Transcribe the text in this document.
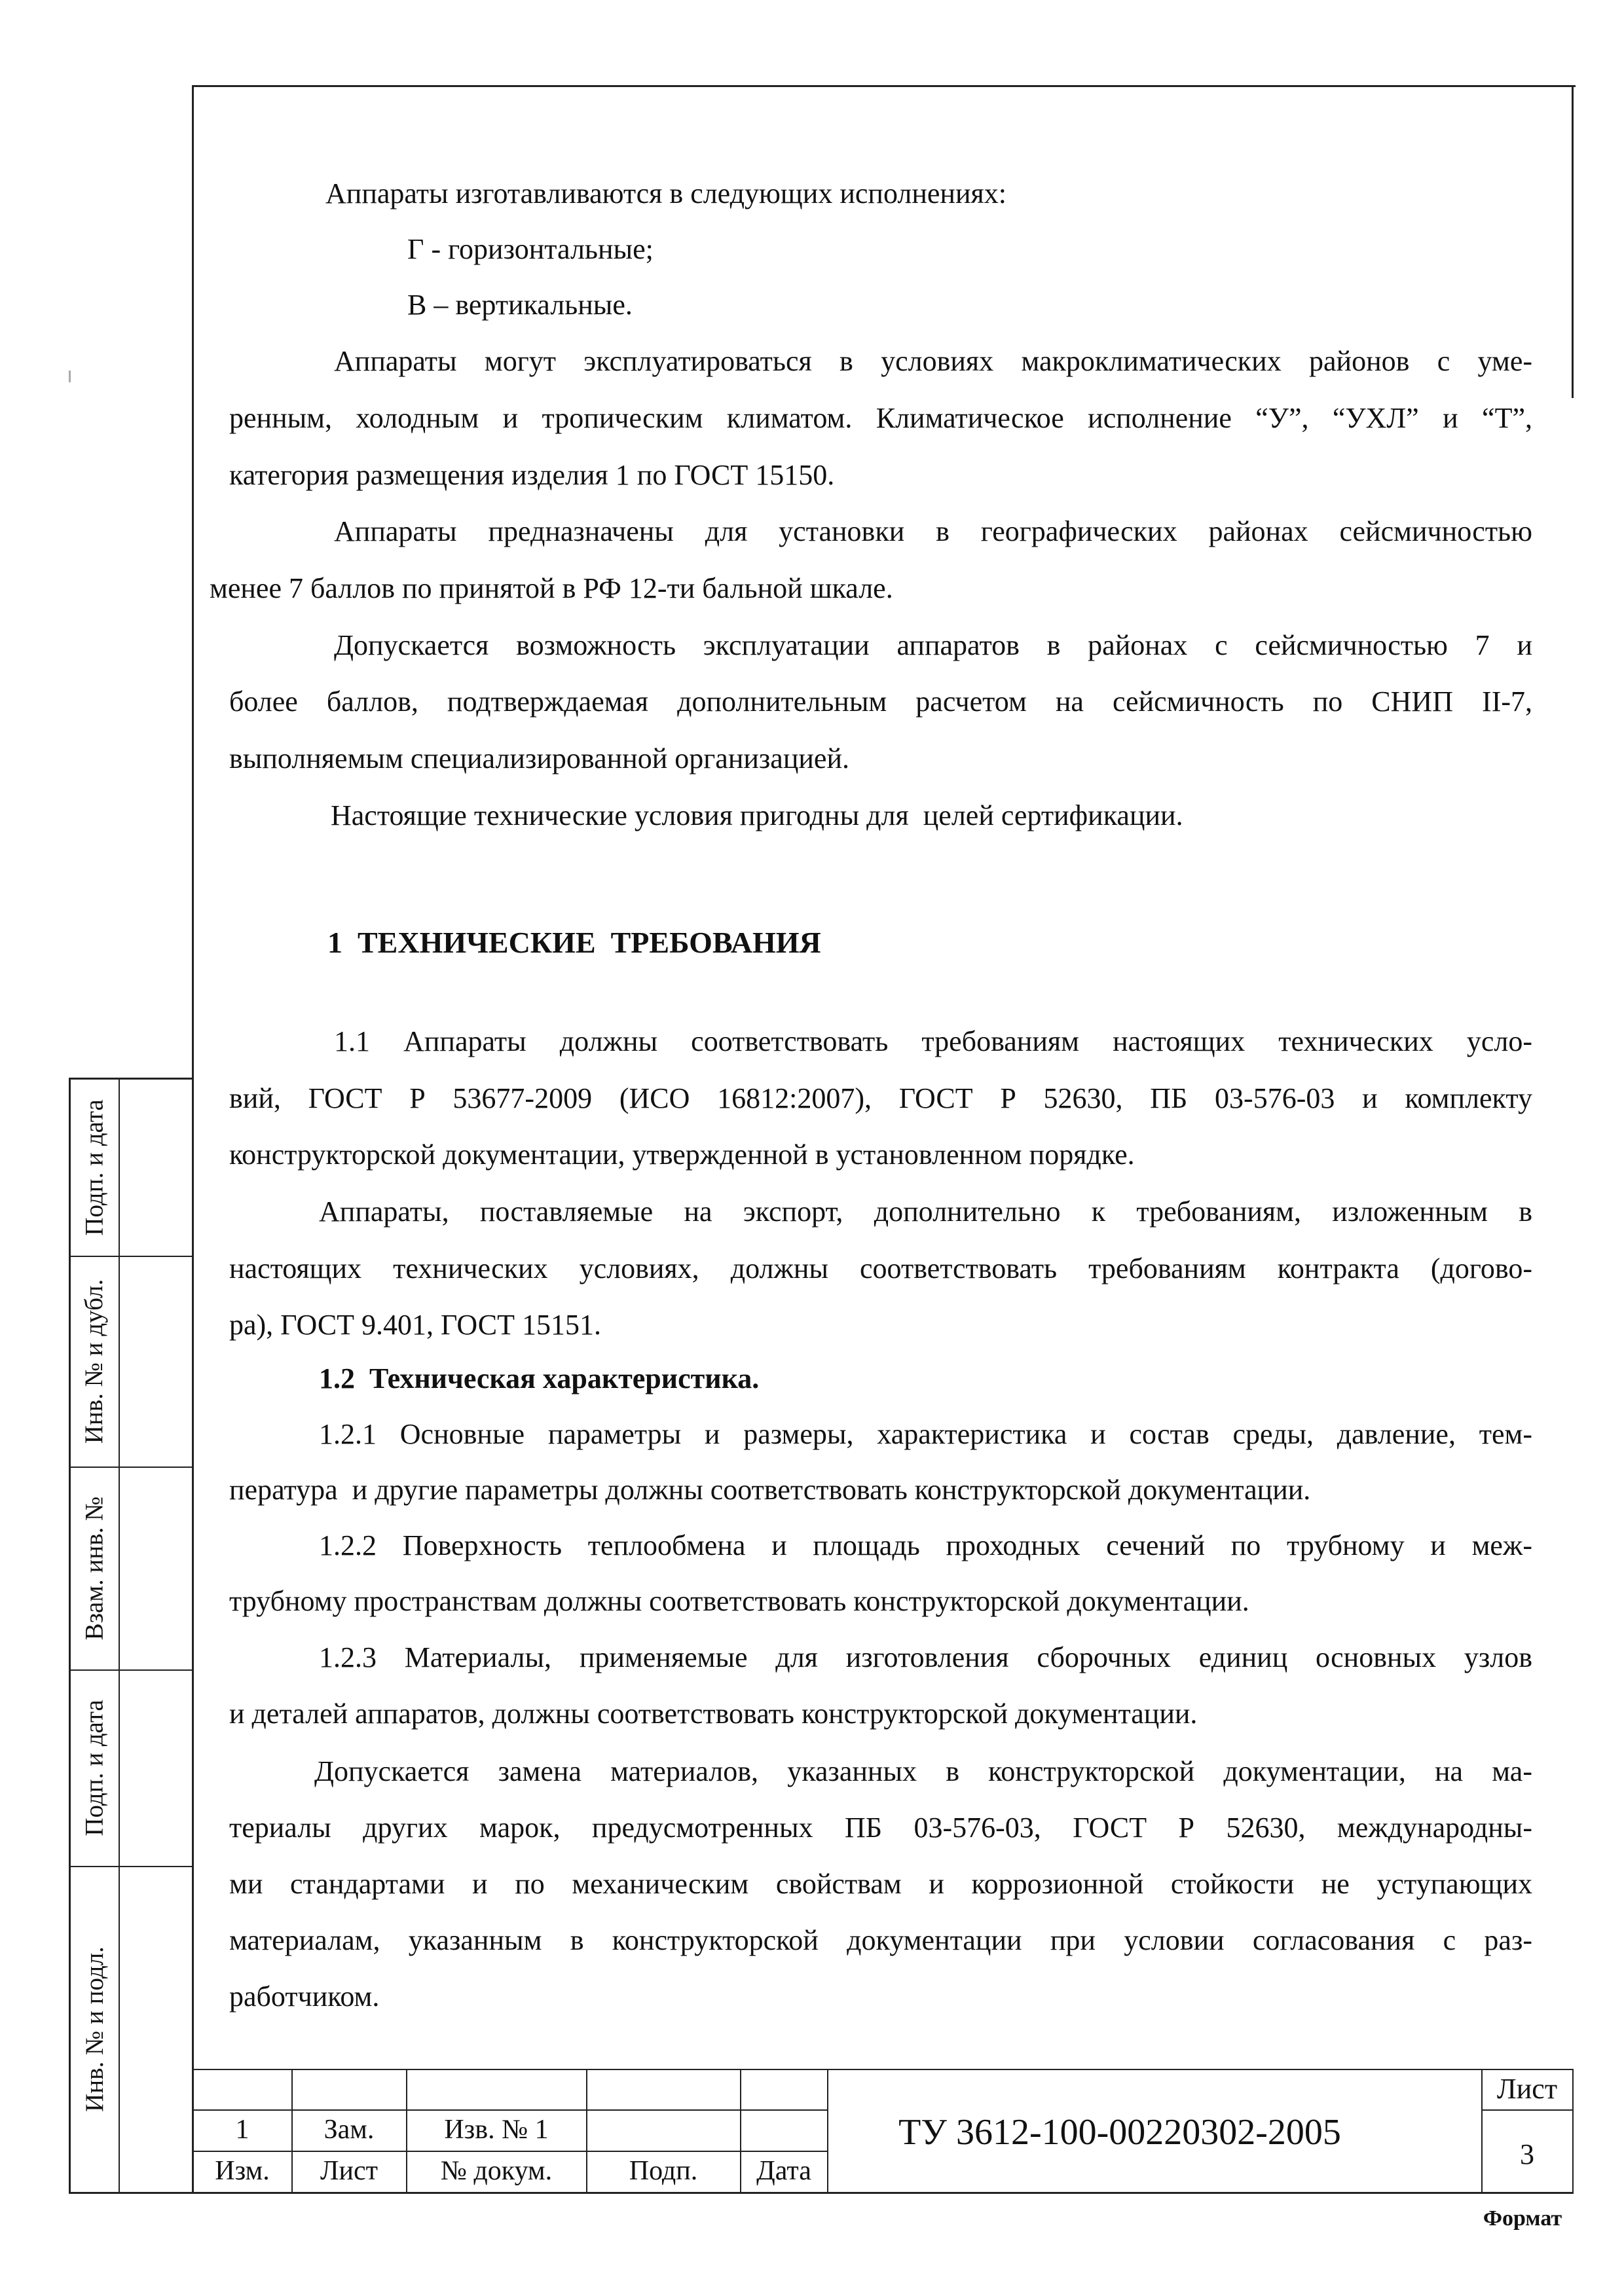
Подп. и дата
Инв. № и дубл.
Взам. инв. №
Подп. и дата
Инв. № и подл.
Аппараты изготавливаются в следующих исполнениях:
Г - горизонтальные;
В – вертикальные.
Аппараты могут эксплуатироваться в условиях макроклиматических районов с уме-
ренным, холодным и тропическим климатом. Климатическое исполнение “У”, “УХЛ” и “Т”,
категория размещения изделия 1 по ГОСТ 15150.
Аппараты предназначены для установки в географических районах сейсмичностью
менее 7 баллов по принятой в РФ 12-ти бальной шкале.
Допускается возможность эксплуатации аппаратов в районах с сейсмичностью 7 и
более баллов, подтверждаемая дополнительным расчетом на сейсмичность по СНИП II-7,
выполняемым специализированной организацией.
Настоящие технические условия пригодны для  целей сертификации.
1  ТЕХНИЧЕСКИЕ  ТРЕБОВАНИЯ
1.1 Аппараты должны соответствовать требованиям настоящих технических усло-
вий, ГОСТ Р 53677-2009 (ИСО 16812:2007), ГОСТ Р 52630, ПБ 03-576-03 и комплекту
конструкторской документации, утвержденной в установленном порядке.
Аппараты, поставляемые на экспорт, дополнительно к требованиям, изложенным в
настоящих технических условиях, должны соответствовать требованиям контракта (догово-
ра), ГОСТ 9.401, ГОСТ 15151.
1.2  Техническая характеристика.
1.2.1 Основные параметры и размеры, характеристика и состав среды, давление, тем-
пература  и другие параметры должны соответствовать конструкторской документации.
1.2.2 Поверхность теплообмена и площадь проходных сечений по трубному и меж-
трубному пространствам должны соответствовать конструкторской документации.
1.2.3 Материалы, применяемые для изготовления сборочных единиц основных узлов
и деталей аппаратов, должны соответствовать конструкторской документации.
Допускается замена материалов, указанных в конструкторской документации, на ма-
териалы других марок, предусмотренных ПБ 03-576-03, ГОСТ Р 52630, международны-
ми стандартами и по механическим свойствам и коррозионной стойкости не уступающих
материалам, указанным в конструкторской документации при условии согласования с раз-
работчиком.
1	Зам.	Изв. № 1
Изм.	Лист	№ докум.	Подп.	Дата
ТУ 3612-100-00220302-2005
Лист
3
Формат
